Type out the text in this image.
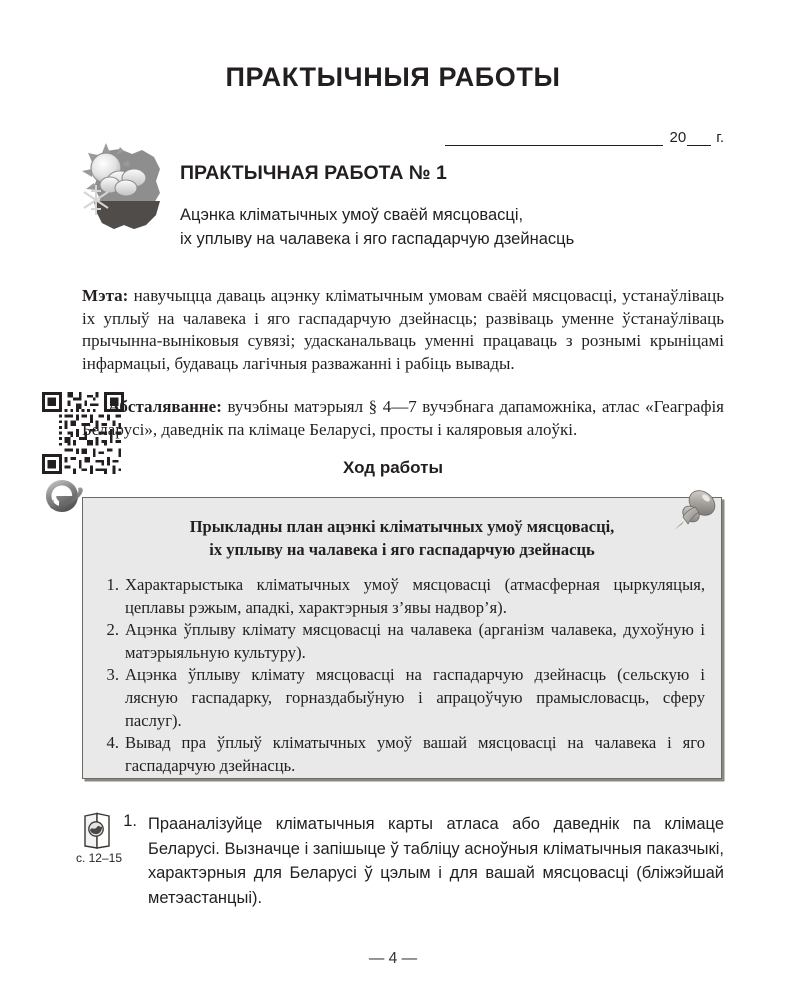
ПРАКТЫЧНЫЯ РАБОТЫ
20 г.
ПРАКТЫЧНАЯ РАБОТА № 1
Ацэнка кліматычных умоў сваёй мясцовасці,
іх уплыву на чалавека і яго гаспадарчую дзейнасць

Мэта: навучыцца даваць ацэнку кліматычным умовам сваёй мясцовасці, устанаўліваць іх уплыў на чалавека і яго гаспадарчую дзейнасць; развіваць уменне ўстанаўліваць прычынна-вынiковыя сувязі; удасканальваць уменні працаваць з рознымі крыніцамі інфармацыі, будаваць лагічныя разважанні і рабіць вывады.

Абсталяванне: вучэбны матэрыял § 4—7 вучэбнага дапаможніка, атлас «Геаграфія Беларусі», даведнік па клімаце Беларусі, просты і каляровыя алоўкі.

Ход работы
Прыкладны план ацэнкі кліматычных умоў мясцовасці,
іх уплыву на чалавека і яго гаспадарчую дзейнасць
1. Характарыстыка кліматычных умоў мясцовасці (атмасферная цыркуляцыя, цеплавы рэжым, ападкі, характэрныя з’явы надвор’я).
2. Ацэнка ўплыву клімату мясцовасці на чалавека (арганізм чалавека, духоўную і матэрыяльную культуру).
3. Ацэнка ўплыву клімату мясцовасці на гаспадарчую дзейнасць (сельскую і лясную гаспадарку, горназдабыўную і апрацоўчую прамысловасць, сферу паслуг).
4. Вывад пра ўплыў кліматычных умоў вашай мясцовасці на чалавека і яго гаспадарчую дзейнасць.
с. 12–15
1. Прааналізуйце кліматычныя карты атласа або даведнік па клімаце Беларусі. Вызначце і запішыце ў табліцу асноўныя кліматычныя паказчыкі, характэрныя для Беларусі ў цэлым і для вашай мясцовасці (бліжэйшай метэастанцыі).
— 4 —
